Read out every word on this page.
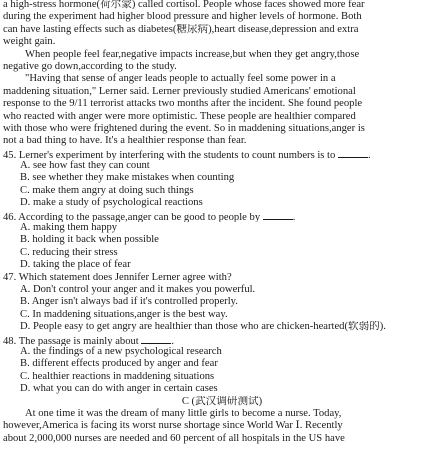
a high-stress hormone(荷尔蒙) called cortisol. People whose faces showed more fear
during the experiment had higher blood pressure and higher levels of hormone. Both
can have lasting effects such as diabetes(糖尿病),heart disease,depression and extra
weight gain.
When people feel fear,negative impacts increase,but when they get angry,those
negative go down,according to the study.
"Having that sense of anger leads people to actually feel some power in a
maddening situation," Lerner said. Lerner previously studied Americans' emotional
response to the 9/11 terrorist attacks two months after the incident. She found people
who reacted with anger were more optimistic. These people are healthier compared
with those who were frightened during the event. So in maddening situations,anger is
not a bad thing to have. It's a healthier response than fear.
45. Lerner's experiment by interfering with the students to count numbers is to	.
A. see how fast they can count
B. see whether they make mistakes when counting
C. make them angry at doing such things
D. make a study of psychological reactions
46. According to the passage,anger can be good to people by	.
A. making them happy
B. holding it back when possible
C. reducing their stress
D. taking the place of fear
47. Which statement does Jennifer Lerner agree with?
A. Don't control your anger and it makes you powerful.
B. Anger isn't always bad if it's controlled properly.
C. In maddening situations,anger is the best way.
D. People easy to get angry are healthier than those who are chicken-hearted(软弱的).
48. The passage is mainly about	.
A. the findings of a new psychological research
B. different effects produced by anger and fear
C. healthier reactions in maddening situations
D. what you can do with anger in certain cases
C (武汉调研测试)
At one time it was the dream of many little girls to become a nurse. Today,
however,America is facing its worst nurse shortage since World War Ⅰ. Recently
about 2,000,000 nurses are needed and 60 percent of all hospitals in the US have
